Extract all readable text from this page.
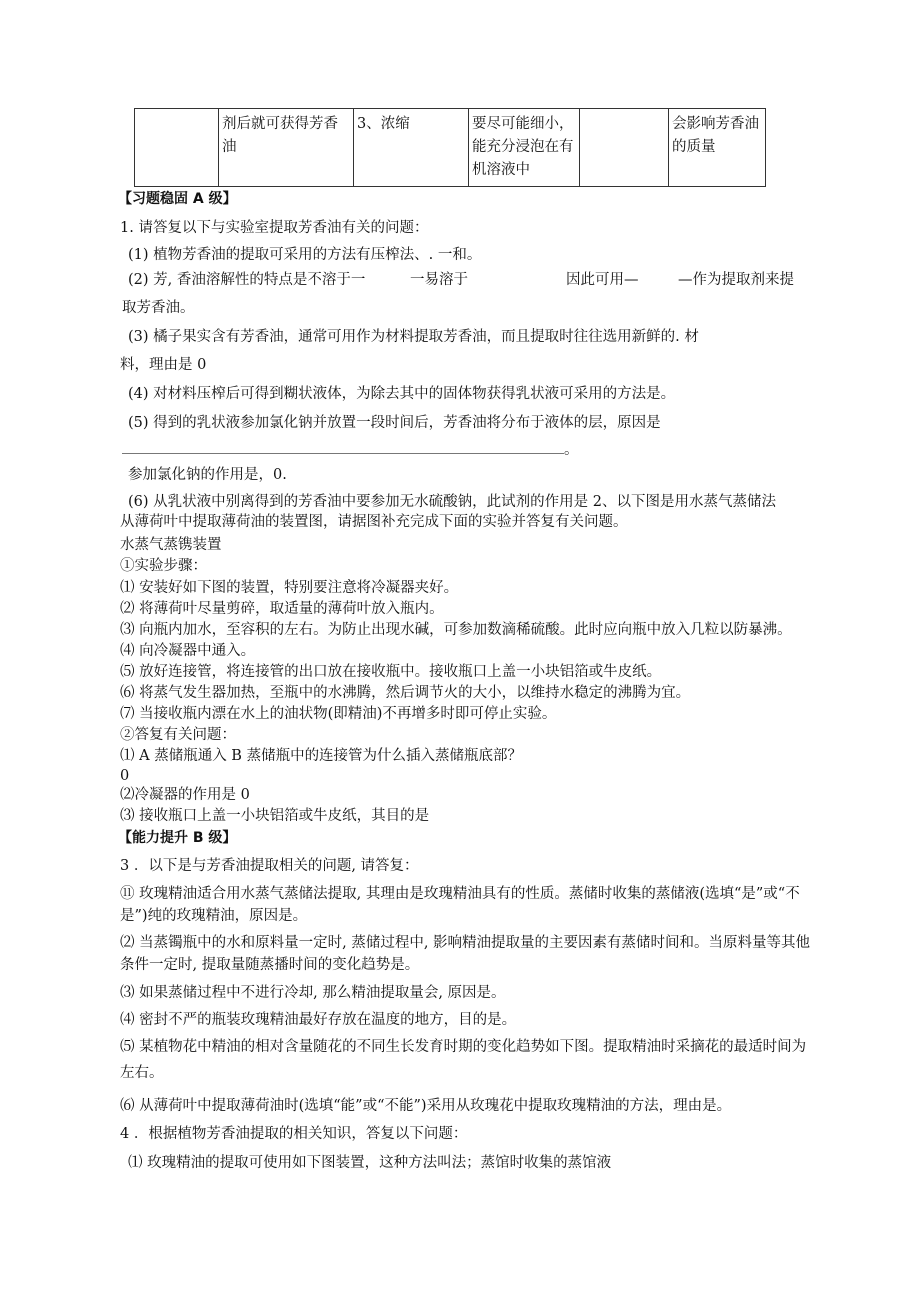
	剂后就可获得芳香油	3、浓缩	要尽可能细小，能充分浸泡在有机溶液中		会影响芳香油的质量
【习题稳固 A 级】
1. 请答复以下与实验室提取芳香油有关的问题：
(1) 植物芳香油的提取可采用的方法有压榨法、. 一和。
(2) 芳, 香油溶解性的特点是不溶于一	一易溶于	因此可用—	—作为提取剂来提
取芳香油。
(3) 橘子果实含有芳香油，通常可用作为材料提取芳香油，而且提取时往往选用新鲜的. 材
料，理由是 0
(4) 对材料压榨后可得到糊状液体，为除去其中的固体物获得乳状液可采用的方法是。
(5) 得到的乳状液参加氯化钠并放置一段时间后，芳香油将分布于液体的层，原因是
。
参加氯化钠的作用是，0.
(6) 从乳状液中别离得到的芳香油中要参加无水硫酸钠，此试剂的作用是 2、以下图是用水蒸气蒸储法
从薄荷叶中提取薄荷油的装置图，请据图补充完成下面的实验并答复有关问题。
水蒸气蒸镌装置
①实验步骤：
⑴ 安装好如下图的装置，特别要注意将冷凝器夹好。
⑵ 将薄荷叶尽量剪碎，取适量的薄荷叶放入瓶内。
⑶ 向瓶内加水，至容积的左右。为防止出现水碱，可参加数滴稀硫酸。此时应向瓶中放入几粒以防暴沸。
⑷ 向冷凝器中通入。
⑸ 放好连接管，将连接管的出口放在接收瓶中。接收瓶口上盖一小块铝箔或牛皮纸。
⑹ 将蒸气发生器加热，至瓶中的水沸腾，然后调节火的大小，以维持水稳定的沸腾为宜。
⑺ 当接收瓶内漂在水上的油状物(即精油)不再增多时即可停止实验。
②答复有关问题：
⑴ A 蒸储瓶通入 B 蒸储瓶中的连接管为什么插入蒸储瓶底部？
0
⑵冷凝器的作用是 0
⑶ 接收瓶口上盖一小块铝箔或牛皮纸，其目的是
【能力提升 B 级】
3 ．以下是与芳香油提取相关的问题, 请答复：
⑪ 玫瑰精油适合用水蒸气蒸储法提取, 其理由是玫瑰精油具有的性质。蒸储时收集的蒸储液(选填“是”或“不
是”)纯的玫瑰精油，原因是。
⑵ 当蒸镯瓶中的水和原料量一定时, 蒸储过程中, 影响精油提取量的主要因素有蒸储时间和。当原料量等其他
条件一定时, 提取量随蒸播时间的变化趋势是。
⑶ 如果蒸储过程中不进行冷却, 那么精油提取量会, 原因是。
⑷ 密封不严的瓶装玫瑰精油最好存放在温度的地方，目的是。
⑸ 某植物花中精油的相对含量随花的不同生长发育时期的变化趋势如下图。提取精油时采摘花的最适时间为
左右。
⑹ 从薄荷叶中提取薄荷油时(选填“能”或“不能”)采用从玫瑰花中提取玫瑰精油的方法，理由是。
4 ．根据植物芳香油提取的相关知识，答复以下问题：
⑴ 玫瑰精油的提取可使用如下图装置，这种方法叫法；蒸馆时收集的蒸馆液
